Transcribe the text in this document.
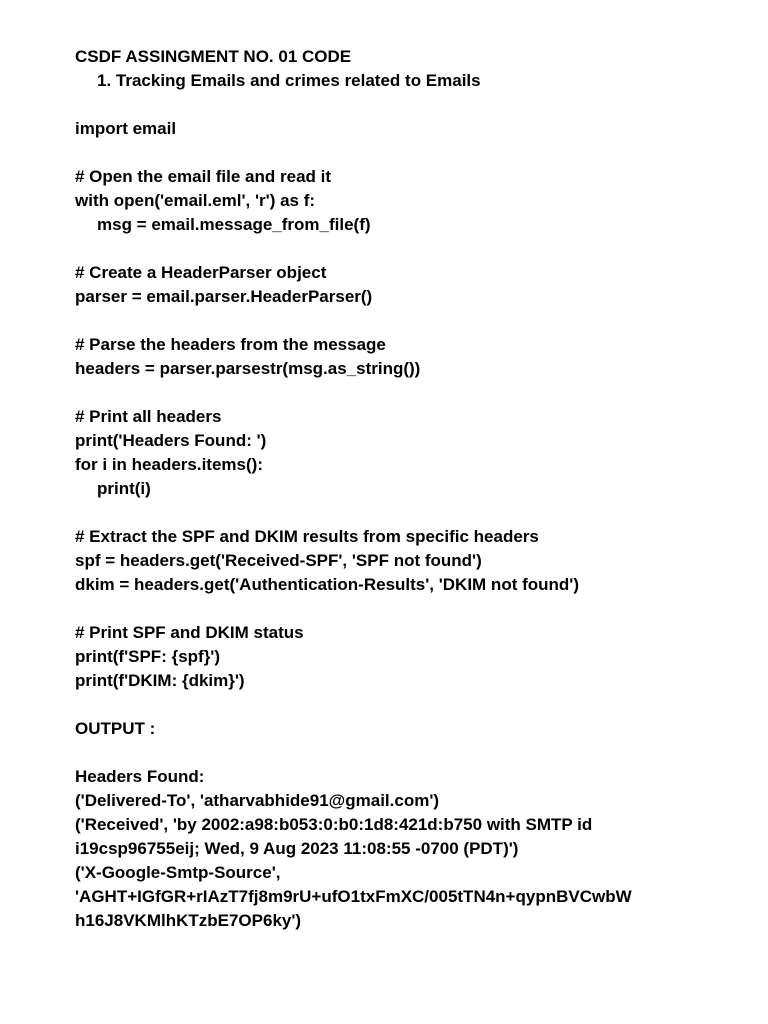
CSDF ASSINGMENT NO. 01 CODE
1. Tracking Emails and crimes related to Emails
import email
# Open the email file and read it
with open('email.eml', 'r') as f:
msg = email.message_from_file(f)
# Create a HeaderParser object
parser = email.parser.HeaderParser()
# Parse the headers from the message
headers = parser.parsestr(msg.as_string())
# Print all headers
print('Headers Found: ')
for i in headers.items():
print(i)
# Extract the SPF and DKIM results from specific headers
spf = headers.get('Received-SPF', 'SPF not found')
dkim = headers.get('Authentication-Results', 'DKIM not found')
# Print SPF and DKIM status
print(f'SPF: {spf}')
print(f'DKIM: {dkim}')
OUTPUT :
Headers Found:
('Delivered-To', 'atharvabhide91@gmail.com')
('Received', 'by 2002:a98:b053:0:b0:1d8:421d:b750 with SMTP id
i19csp96755eij; Wed, 9 Aug 2023 11:08:55 -0700 (PDT)')
('X-Google-Smtp-Source',
'AGHT+IGfGR+rIAzT7fj8m9rU+ufO1txFmXC/005tTN4n+qypnBVCwbW
h16J8VKMlhKTzbE7OP6ky')
